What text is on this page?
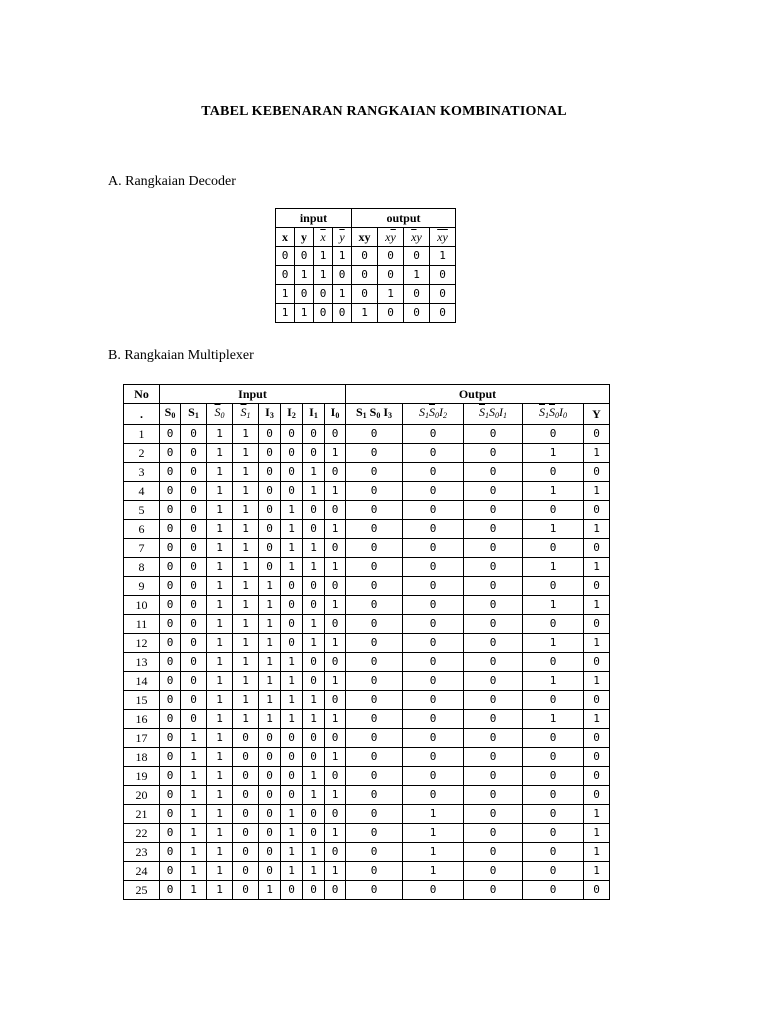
TABEL KEBENARAN RANGKAIAN KOMBINATIONAL
A. Rangkaian Decoder
input				output			
x	y	$\overline{x}$	$\overline{y}$	xy	$x\overline{y}$	$\overline{x}y$	$\overline{x}\overline{y}$
0	0	1	1	0	0	0	1
0	1	1	0	0	0	1	0
1	0	0	1	0	1	0	0
1	1	0	0	1	0	0	0
B. Rangkaian Multiplexer
No	Input								Output				
.	$S_0$	$S_1$	$\overline{S}_0$	$\overline{S}_1$	$I_3$	$I_2$	$I_1$	$I_0$	$S_1$ $S_0$ $I_3$	$S_1\overline{S}_0I_2$	$\overline{S}_1S_0I_1$	$\overline{S}_1\overline{S}_0I_0$	Y
1	0	0	1	1	0	0	0	0	0	0	0	0	0
2	0	0	1	1	0	0	0	1	0	0	0	1	1
3	0	0	1	1	0	0	1	0	0	0	0	0	0
4	0	0	1	1	0	0	1	1	0	0	0	1	1
5	0	0	1	1	0	1	0	0	0	0	0	0	0
6	0	0	1	1	0	1	0	1	0	0	0	1	1
7	0	0	1	1	0	1	1	0	0	0	0	0	0
8	0	0	1	1	0	1	1	1	0	0	0	1	1
9	0	0	1	1	1	0	0	0	0	0	0	0	0
10	0	0	1	1	1	0	0	1	0	0	0	1	1
11	0	0	1	1	1	0	1	0	0	0	0	0	0
12	0	0	1	1	1	0	1	1	0	0	0	1	1
13	0	0	1	1	1	1	0	0	0	0	0	0	0
14	0	0	1	1	1	1	0	1	0	0	0	1	1
15	0	0	1	1	1	1	1	0	0	0	0	0	0
16	0	0	1	1	1	1	1	1	0	0	0	1	1
17	0	1	1	0	0	0	0	0	0	0	0	0	0
18	0	1	1	0	0	0	0	1	0	0	0	0	0
19	0	1	1	0	0	0	1	0	0	0	0	0	0
20	0	1	1	0	0	0	1	1	0	0	0	0	0
21	0	1	1	0	0	1	0	0	0	1	0	0	1
22	0	1	1	0	0	1	0	1	0	1	0	0	1
23	0	1	1	0	0	1	1	0	0	1	0	0	1
24	0	1	1	0	0	1	1	1	0	1	0	0	1
25	0	1	1	0	1	0	0	0	0	0	0	0	0
